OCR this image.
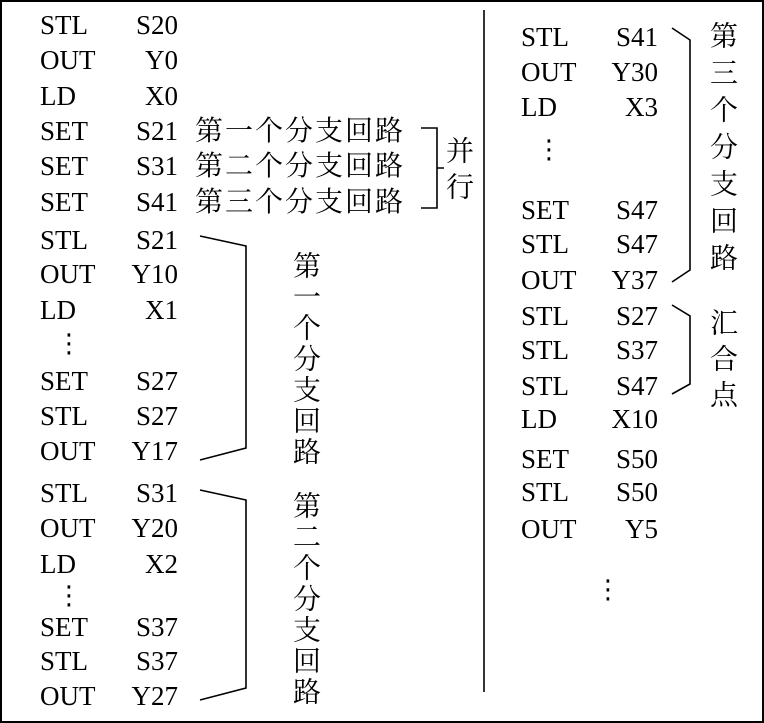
STL S20
OUT Y0
LD	X0
SET S21
SET S31
SET S41
第一个分支回路
第二个分支回路
第三个分支回路 并行
STL S21
OUT Y10
LD	X1
⋮
SET S27
STL S27
OUT Y17	第一个分支回路
STL S31
OUT Y20
LD	X2
⋮
SET S37
STL S37
OUT Y27	第二个分支回路
STL S41
OUT Y30
LD	X3
⋮
SET S47
STL S47
OUT Y37 第三个分支回路
STL S27
STL S37
STL S47 汇合点
LD X10
SET S50
STL S50
OUT Y5
⋮
